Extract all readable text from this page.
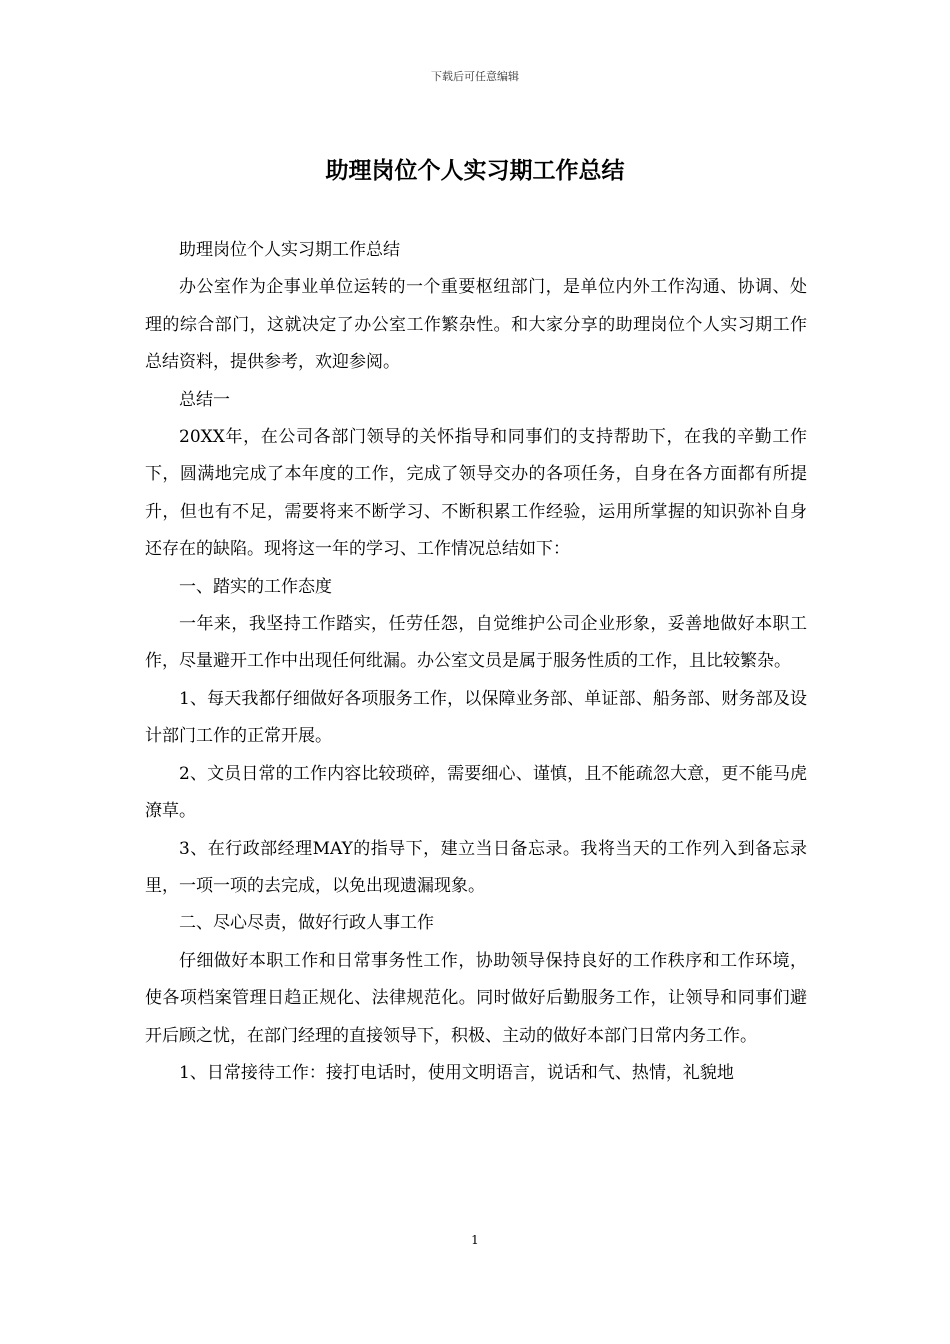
下载后可任意编辑
助理岗位个人实习期工作总结

助理岗位个人实习期工作总结

办公室作为企事业单位运转的一个重要枢纽部门，是单位内外工作沟通、协调、处理的综合部门，这就决定了办公室工作繁杂性。和大家分享的助理岗位个人实习期工作总结资料，提供参考，欢迎参阅。

总结一

20XX年，在公司各部门领导的关怀指导和同事们的支持帮助下，在我的辛勤工作下，圆满地完成了本年度的工作，完成了领导交办的各项任务，自身在各方面都有所提升，但也有不足，需要将来不断学习、不断积累工作经验，运用所掌握的知识弥补自身还存在的缺陷。现将这一年的学习、工作情况总结如下：

一、踏实的工作态度

一年来，我坚持工作踏实，任劳任怨，自觉维护公司企业形象，妥善地做好本职工作，尽量避开工作中出现任何纰漏。办公室文员是属于服务性质的工作，且比较繁杂。

1、每天我都仔细做好各项服务工作，以保障业务部、单证部、船务部、财务部及设计部门工作的正常开展。

2、文员日常的工作内容比较琐碎，需要细心、谨慎，且不能疏忽大意，更不能马虎潦草。

3、在行政部经理MAY的指导下，建立当日备忘录。我将当天的工作列入到备忘录里，一项一项的去完成，以免出现遗漏现象。

二、尽心尽责，做好行政人事工作

仔细做好本职工作和日常事务性工作，协助领导保持良好的工作秩序和工作环境，使各项档案管理日趋正规化、法律规范化。同时做好后勤服务工作，让领导和同事们避开后顾之忧，在部门经理的直接领导下，积极、主动的做好本部门日常内务工作。

1、日常接待工作：接打电话时，使用文明语言，说话和气、热情，礼貌地

1
